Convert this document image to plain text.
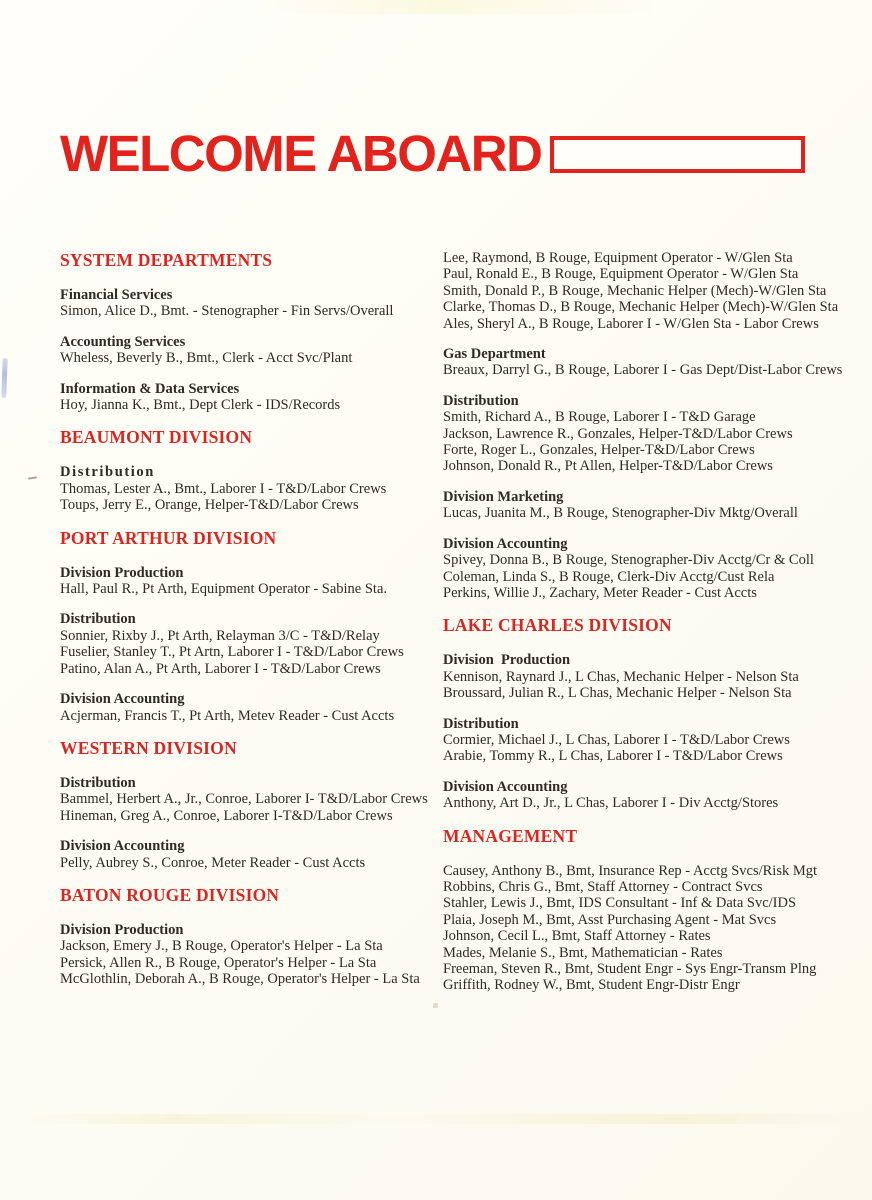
WELCOME ABOARD
SYSTEM DEPARTMENTS
Financial Services
Simon, Alice D., Bmt. - Stenographer - Fin Servs/Overall
Accounting Services
Wheless, Beverly B., Bmt., Clerk - Acct Svc/Plant
Information & Data Services
Hoy, Jianna K., Bmt., Dept Clerk - IDS/Records
BEAUMONT DIVISION
Distribution
Thomas, Lester A., Bmt., Laborer I - T&D/Labor Crews
Toups, Jerry E., Orange, Helper-T&D/Labor Crews
PORT ARTHUR DIVISION
Division Production
Hall, Paul R., Pt Arth, Equipment Operator - Sabine Sta.
Distribution
Sonnier, Rixby J., Pt Arth, Relayman 3/C - T&D/Relay
Fuselier, Stanley T., Pt Artn, Laborer I - T&D/Labor Crews
Patino, Alan A., Pt Arth, Laborer I - T&D/Labor Crews
Division Accounting
Acjerman, Francis T., Pt Arth, Metev Reader - Cust Accts
WESTERN DIVISION
Distribution
Bammel, Herbert A., Jr., Conroe, Laborer I- T&D/Labor Crews
Hineman, Greg A., Conroe, Laborer I-T&D/Labor Crews
Division Accounting
Pelly, Aubrey S., Conroe, Meter Reader - Cust Accts
BATON ROUGE DIVISION
Division Production
Jackson, Emery J., B Rouge, Operator's Helper - La Sta
Persick, Allen R., B Rouge, Operator's Helper - La Sta
McGlothlin, Deborah A., B Rouge, Operator's Helper - La Sta
Lee, Raymond, B Rouge, Equipment Operator - W/Glen Sta
Paul, Ronald E., B Rouge, Equipment Operator - W/Glen Sta
Smith, Donald P., B Rouge, Mechanic Helper (Mech)-W/Glen Sta
Clarke, Thomas D., B Rouge, Mechanic Helper (Mech)-W/Glen Sta
Ales, Sheryl A., B Rouge, Laborer I - W/Glen Sta - Labor Crews
Gas Department
Breaux, Darryl G., B Rouge, Laborer I - Gas Dept/Dist-Labor Crews
Distribution
Smith, Richard A., B Rouge, Laborer I - T&D Garage
Jackson, Lawrence R., Gonzales, Helper-T&D/Labor Crews
Forte, Roger L., Gonzales, Helper-T&D/Labor Crews
Johnson, Donald R., Pt Allen, Helper-T&D/Labor Crews
Division Marketing
Lucas, Juanita M., B Rouge, Stenographer-Div Mktg/Overall
Division Accounting
Spivey, Donna B., B Rouge, Stenographer-Div Acctg/Cr & Coll
Coleman, Linda S., B Rouge, Clerk-Div Acctg/Cust Rela
Perkins, Willie J., Zachary, Meter Reader - Cust Accts
LAKE CHARLES DIVISION
Division  Production
Kennison, Raynard J., L Chas, Mechanic Helper - Nelson Sta
Broussard, Julian R., L Chas, Mechanic Helper - Nelson Sta
Distribution
Cormier, Michael J., L Chas, Laborer I - T&D/Labor Crews
Arabie, Tommy R., L Chas, Laborer I - T&D/Labor Crews
Division Accounting
Anthony, Art D., Jr., L Chas, Laborer I - Div Acctg/Stores
MANAGEMENT
Causey, Anthony B., Bmt, Insurance Rep - Acctg Svcs/Risk Mgt
Robbins, Chris G., Bmt, Staff Attorney - Contract Svcs
Stahler, Lewis J., Bmt, IDS Consultant - Inf & Data Svc/IDS
Plaia, Joseph M., Bmt, Asst Purchasing Agent - Mat Svcs
Johnson, Cecil L., Bmt, Staff Attorney - Rates
Mades, Melanie S., Bmt, Mathematician - Rates
Freeman, Steven R., Bmt, Student Engr - Sys Engr-Transm Plng
Griffith, Rodney W., Bmt, Student Engr-Distr Engr
